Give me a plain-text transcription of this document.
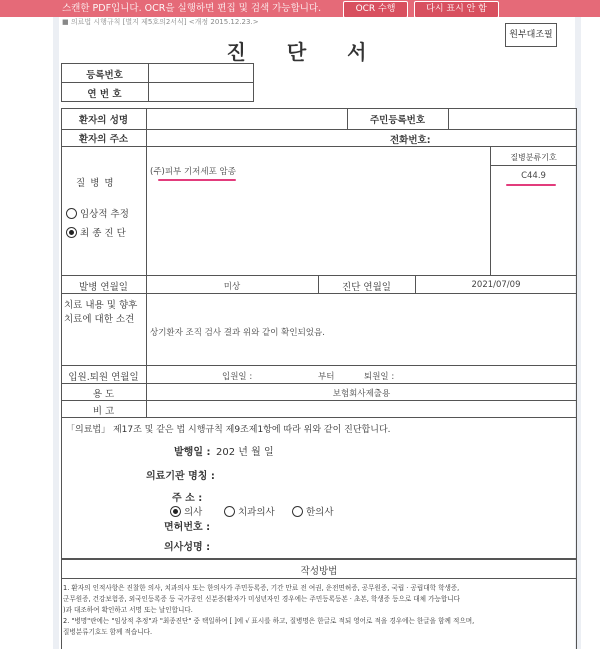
스캔한 PDF입니다. OCR을 실행하면 편집 및 검색 가능합니다.	OCR 수행	다시 표시 안 함
■ 의료법 시행규칙 [별지 제5호의2서식] <개정 2015.12.23.>
원부대조필
진 단 서
등록번호
연 번 호
환자의 성명	주민등록번호
환자의 주소	전화번호:
질 병 명
임상적 추정
최 종 진 단
(주)피부 기저세포 암종
질병분류기호
C44.9
발병 연월일	미상	진단 연월일	2021/07/09
치료 내용 및 향후
치료에 대한 소견
상기환자 조직 검사 결과 위와 같이 확인되었음.
입원.퇴원 연월일	입원일 :	부터	퇴원일 :
용 도	보험회사제출용
비 고
「의료법」 제17조 및 같은 법 시행규칙 제9조제1항에 따라 위와 같이 진단합니다.
발행일 : 202 년 월 일
의료기관 명칭 :
주 소 :
의사	치과의사	한의사
면허번호 :
의사성명 :
작성방법
1. 환자의 인적사항은 진찰한 의사, 치과의사 또는 한의사가 주민등록증, 기간 만료 전 여권, 운전면허증, 공무원증, 국립 · 공립대학 학생증,
군무원증, 건강보험증, 외국인등록증 등 국가공인 신분증(환자가 미성년자인 경우에는 주민등록등본 · 초본, 학생증 등으로 대체 가능합니다
)과 대조하여 확인하고 서명 또는 날인합니다.
2. "병명"란에는 "임상적 추정"과 "최종진단" 중 택일하여 [ ]에 √ 표시를 하고, 질병명은 한글로 적되 영어로 적을 경우에는 한글을 함께 적으며,
질병분류기호도 함께 적습니다.
